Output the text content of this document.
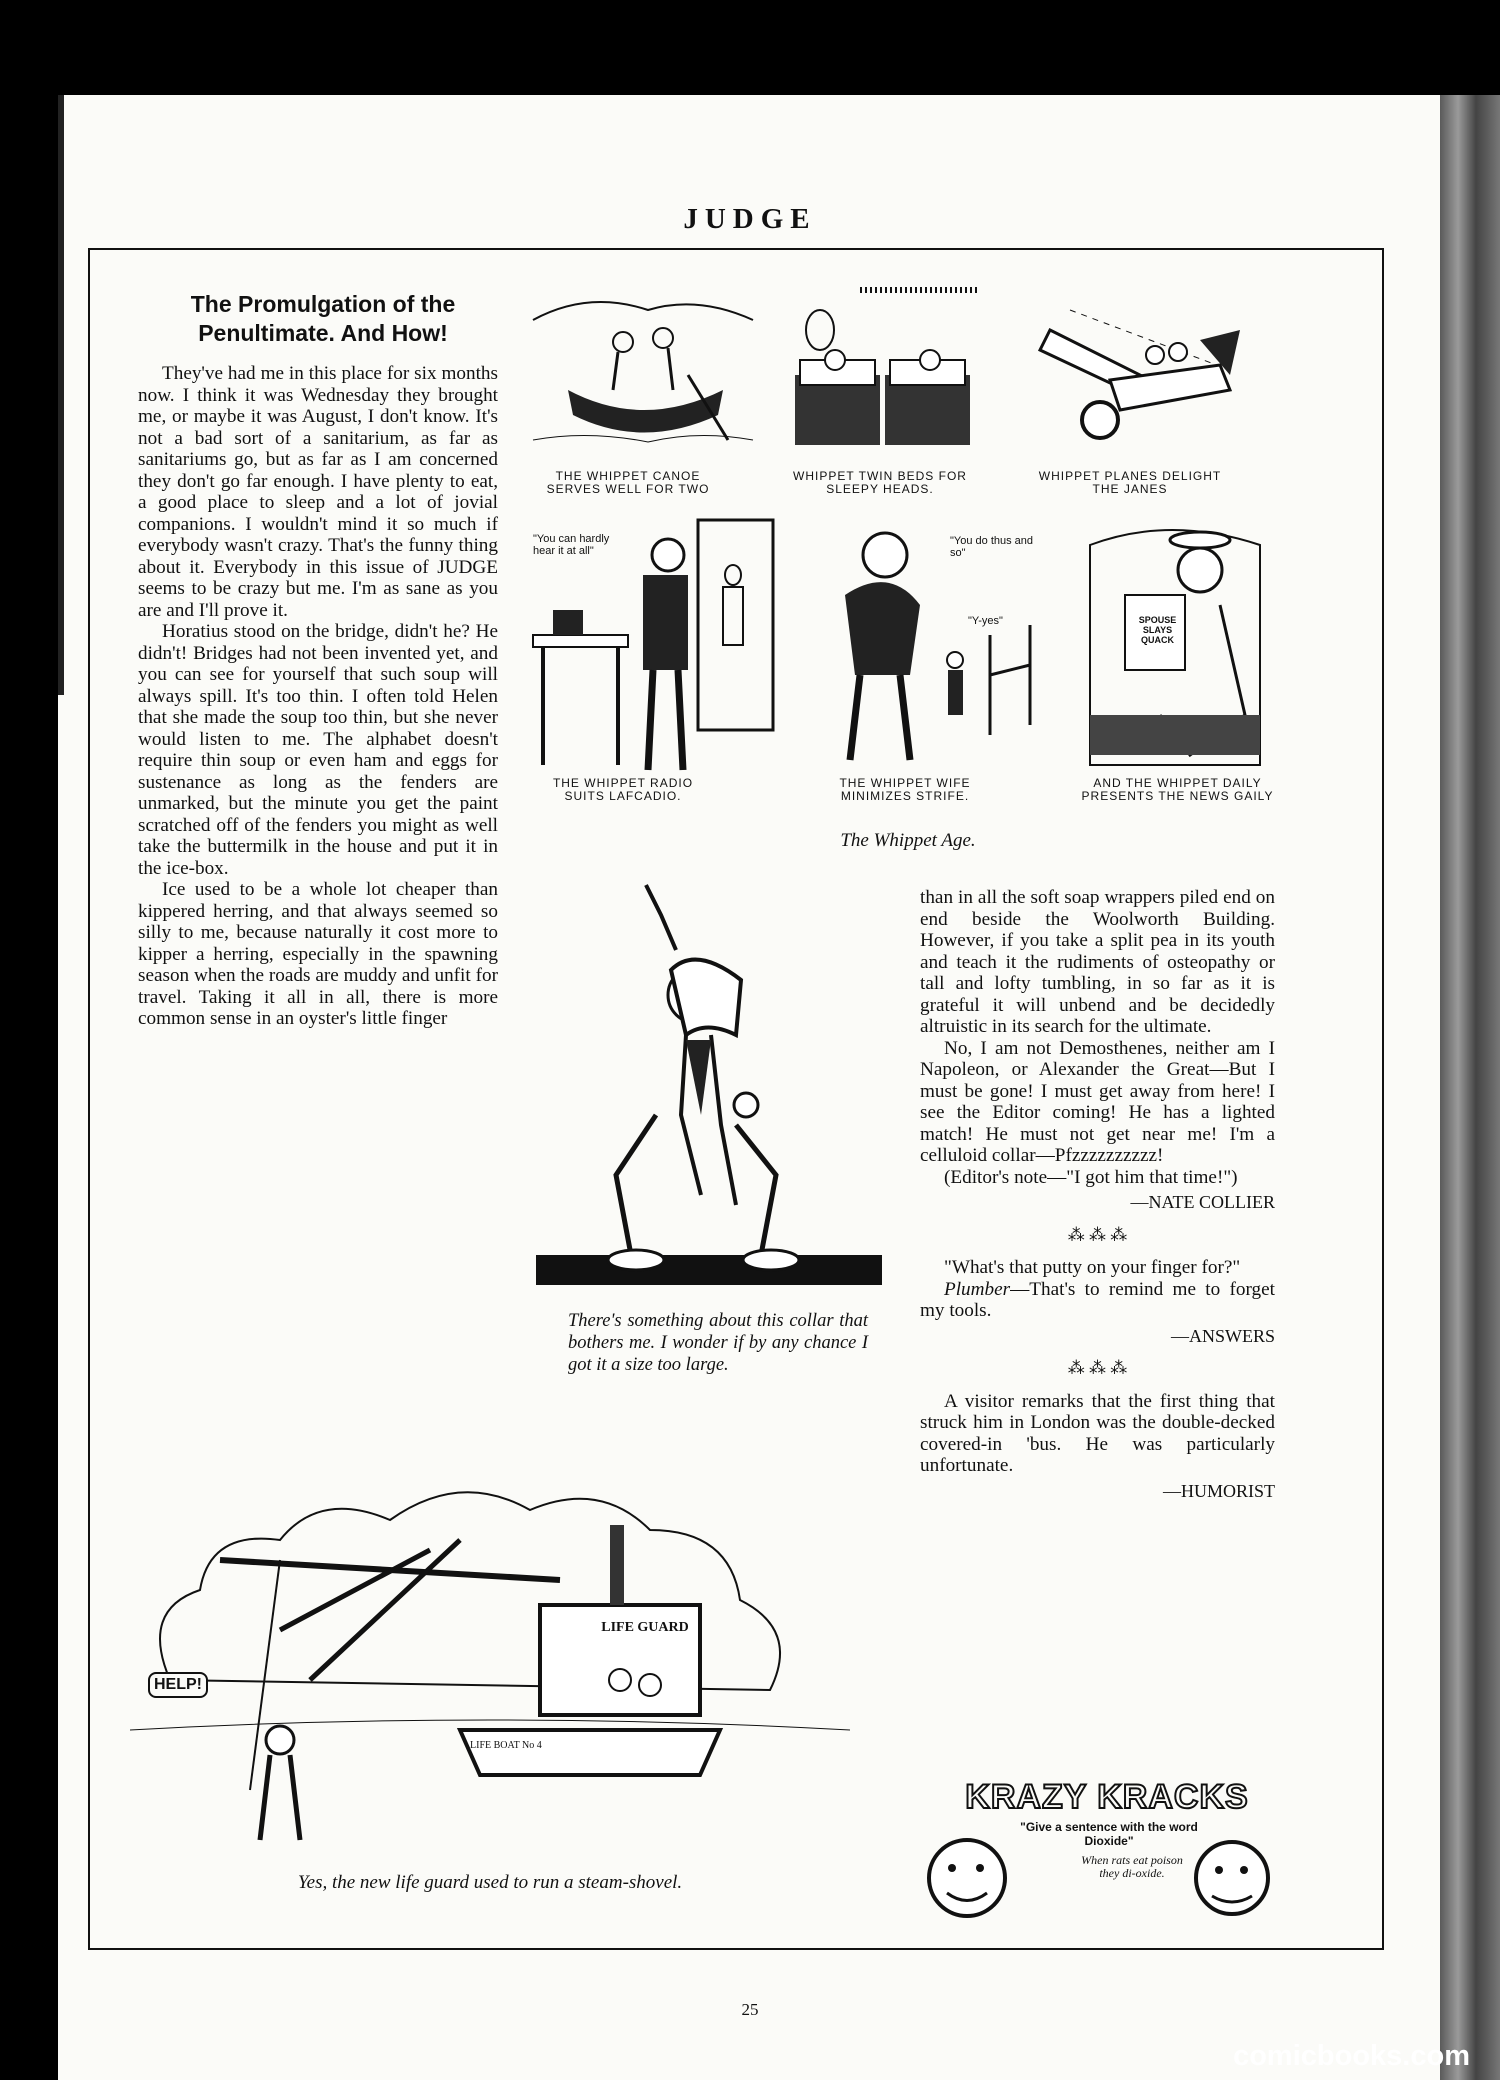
JUDGE
The Promulgation of the
Penultimate. And How!

They've had me in this place for six months now. I think it was Wednesday they brought me, or maybe it was August, I don't know. It's not a bad sort of a sanitarium, as far as sanitariums go, but as far as I am concerned they don't go far enough. I have plenty to eat, a good place to sleep and a lot of jovial companions. I wouldn't mind it so much if everybody wasn't crazy. That's the funny thing about it. Everybody in this issue of JUDGE seems to be crazy but me. I'm as sane as you are and I'll prove it.

Horatius stood on the bridge, didn't he? He didn't! Bridges had not been invented yet, and you can see for yourself that such soup will always spill. It's too thin. I often told Helen that she made the soup too thin, but she never would listen to me. The alphabet doesn't require thin soup or even ham and eggs for sustenance as long as the fenders are unmarked, but the minute you get the paint scratched off of the fenders you might as well take the buttermilk in the house and put it in the ice-box.

Ice used to be a whole lot cheaper than kippered herring, and that always seemed so silly to me, because naturally it cost more to kipper a herring, especially in the spawning season when the roads are muddy and unfit for travel. Taking it all in all, there is more common sense in an oyster's little finger

THE WHIPPET CANOE SERVES WELL FOR TWO
WHIPPET TWIN BEDS FOR SLEEPY HEADS.
WHIPPET PLANES DELIGHT THE JANES
"You can hardly hear it at all"
THE WHIPPET RADIO SUITS LAFCADIO.
"You do thus and so"
"Y-yes"
THE WHIPPET WIFE MINIMIZES STRIFE.
SPOUSE SLAYS QUACK
AND THE WHIPPET DAILY PRESENTS THE NEWS GAILY
The Whippet Age.
There's something about this collar that bothers me. I wonder if by any chance I got it a size too large.

than in all the soft soap wrappers piled end on end beside the Woolworth Building. However, if you take a split pea in its youth and teach it the rudiments of osteopathy or tall and lofty tumbling, in so far as it is grateful it will unbend and be decidedly altruistic in its search for the ultimate.

No, I am not Demosthenes, neither am I Napoleon, or Alexander the Great—But I must be gone! I must get away from here! I see the Editor coming! He has a lighted match! He must not get near me! I'm a celluloid collar—Pfzzzzzzzzzz!

(Editor's note—"I got him that time!")

—NATE COLLIER
⁂ ⁂ ⁂

"What's that putty on your finger for?"

Plumber—That's to remind me to forget my tools.

—ANSWERS
⁂ ⁂ ⁂

A visitor remarks that the first thing that struck him in London was the double-decked covered-in 'bus. He was particularly unfortunate.

—HUMORIST
HELP!
LIFE GUARD
LIFE BOAT No 4
Yes, the new life guard used to run a steam-shovel.
KRAZY KRACKS
"Give a sentence with the word
Dioxide"
When rats eat poison they di-oxide.
25
comicbooks.com
